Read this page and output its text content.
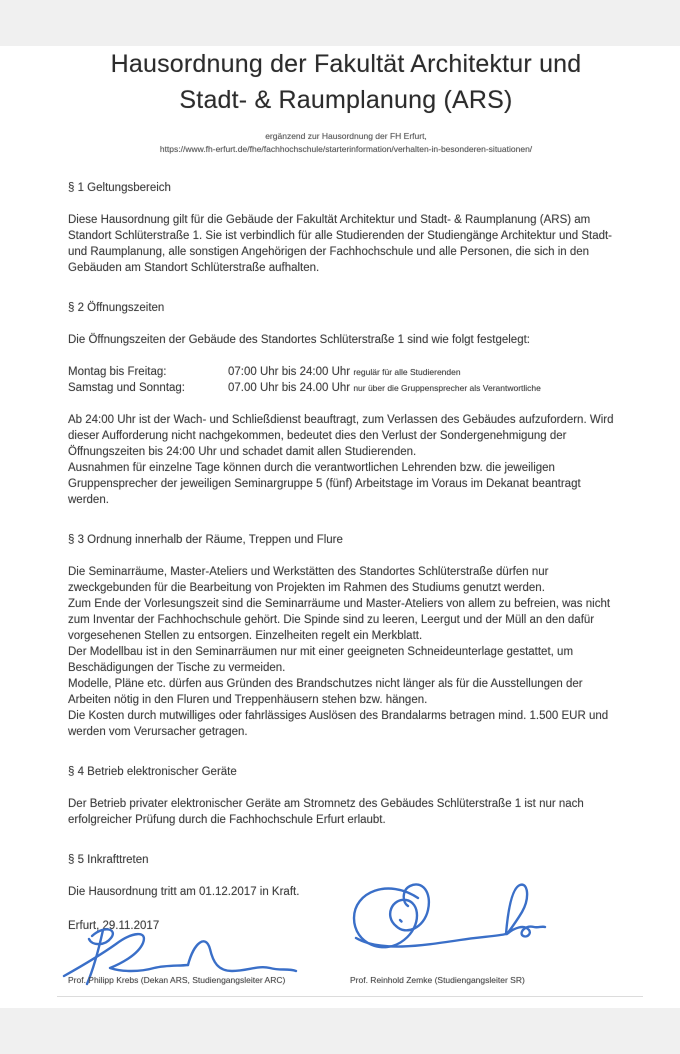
Hausordnung der Fakultät Architektur und
Stadt- & Raumplanung (ARS)
ergänzend zur Hausordnung der FH Erfurt,
https://www.fh-erfurt.de/fhe/fachhochschule/starterinformation/verhalten-in-besonderen-situationen/

§ 1 Geltungsbereich

Diese Hausordnung gilt für die Gebäude der Fakultät Architektur und Stadt- & Raumplanung (ARS) am Standort Schlüterstraße 1. Sie ist verbindlich für alle Studierenden der Studiengänge Architektur und Stadt- und Raumplanung, alle sonstigen Angehörigen der Fachhochschule und alle Personen, die sich in den Gebäuden am Standort Schlüterstraße aufhalten.

§ 2 Öffnungszeiten

Die Öffnungszeiten der Gebäude des Standortes Schlüterstraße 1 sind wie folgt festgelegt:

Montag bis Freitag:	07:00 Uhr bis 24:00 Uhr regulär für alle Studierenden
Samstag und Sonntag:	07.00 Uhr bis 24.00 Uhr nur über die Gruppensprecher als Verantwortliche

Ab 24:00 Uhr ist der Wach- und Schließdienst beauftragt, zum Verlassen des Gebäudes aufzufordern. Wird dieser Aufforderung nicht nachgekommen, bedeutet dies den Verlust der Sondergenehmigung der Öffnungszeiten bis 24:00 Uhr und schadet damit allen Studierenden.

Ausnahmen für einzelne Tage können durch die verantwortlichen Lehrenden bzw. die jeweiligen Gruppensprecher der jeweiligen Seminargruppe 5 (fünf) Arbeitstage im Voraus im Dekanat beantragt werden.

§ 3 Ordnung innerhalb der Räume, Treppen und Flure

Die Seminarräume, Master-Ateliers und Werkstätten des Standortes Schlüterstraße dürfen nur zweckgebunden für die Bearbeitung von Projekten im Rahmen des Studiums genutzt werden.

Zum Ende der Vorlesungszeit sind die Seminarräume und Master-Ateliers von allem zu befreien, was nicht zum Inventar der Fachhochschule gehört. Die Spinde sind zu leeren, Leergut und der Müll an den dafür vorgesehenen Stellen zu entsorgen. Einzelheiten regelt ein Merkblatt.

Der Modellbau ist in den Seminarräumen nur mit einer geeigneten Schneideunterlage gestattet, um Beschädigungen der Tische zu vermeiden.

Modelle, Pläne etc. dürfen aus Gründen des Brandschutzes nicht länger als für die Ausstellungen der Arbeiten nötig in den Fluren und Treppenhäusern stehen bzw. hängen.

Die Kosten durch mutwilliges oder fahrlässiges Auslösen des Brandalarms betragen mind. 1.500 EUR und werden vom Verursacher getragen.

§ 4 Betrieb elektronischer Geräte

Der Betrieb privater elektronischer Geräte am Stromnetz des Gebäudes Schlüterstraße 1 ist nur nach erfolgreicher Prüfung durch die Fachhochschule Erfurt erlaubt.

§ 5 Inkrafttreten

Die Hausordnung tritt am 01.12.2017 in Kraft.

Erfurt, 29.11.2017
Prof. Philipp Krebs (Dekan ARS, Studiengangsleiter ARC)	Prof. Reinhold Zemke (Studiengangsleiter SR)
